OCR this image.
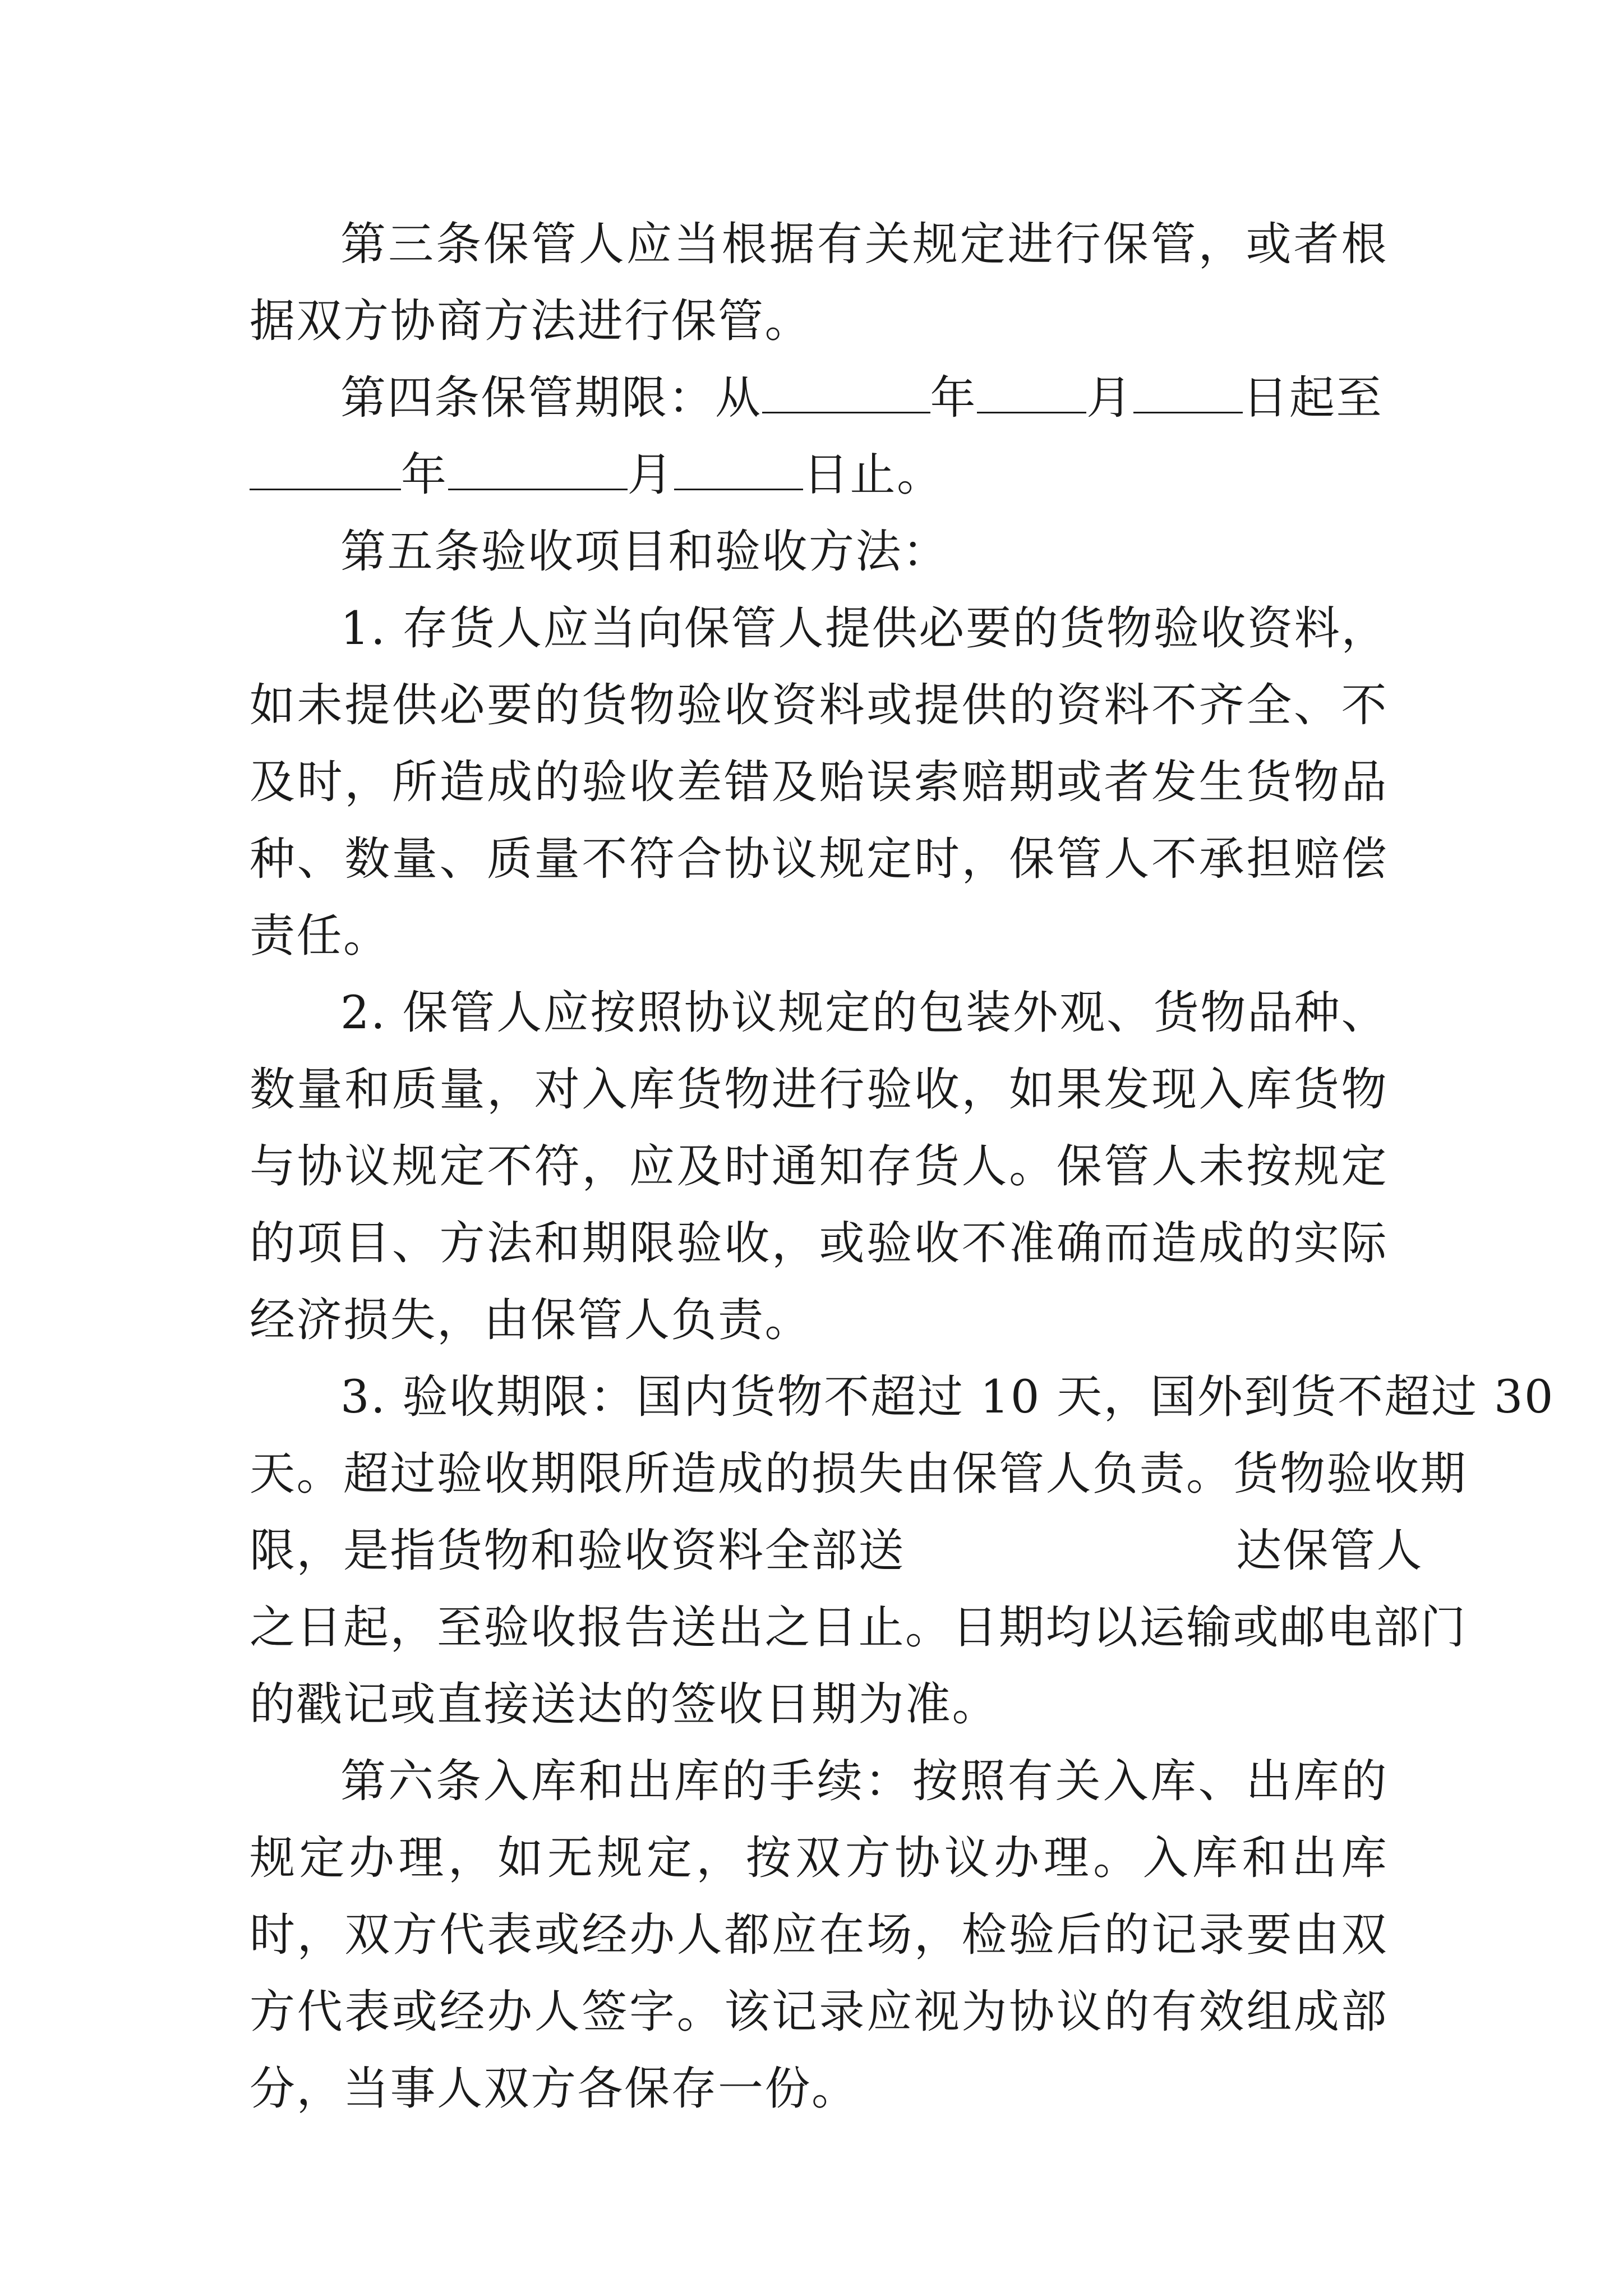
第三条保管人应当根据有关规定进行保管，或者根据双方协商方法进行保管。

第四条保管期限：从	年 月 日起至
年	月	日止。

第五条验收项目和验收方法：

1. 存货人应当向保管人提供必要的货物验收资料，如未提供必要的货物验收资料或提供的资料不齐全、不及时，所造成的验收差错及贻误索赔期或者发生货物品种、数量、质量不符合协议规定时，保管人不承担赔偿责任。

2. 保管人应按照协议规定的包装外观、货物品种、数量和质量，对入库货物进行验收，如果发现入库货物与协议规定不符，应及时通知存货人。保管人未按规定的项目、方法和期限验收，或验收不准确而造成的实际经济损失，由保管人负责。

3. 验收期限：国内货物不超过 10 天，国外到货不超过 30
天。超过验收期限所造成的损失由保管人负责。货物验收期
限，是指货物和验收资料全部送	达保管人
之日起，至验收报告送出之日止。日期均以运输或邮电部门
的戳记或直接送达的签收日期为准。

第六条入库和出库的手续：按照有关入库、出库的规定办理，如无规定，按双方协议办理。入库和出库时，双方代表或经办人都应在场，检验后的记录要由双方代表或经办人签字。该记录应视为协议的有效组成部分，当事人双方各保存一份。
